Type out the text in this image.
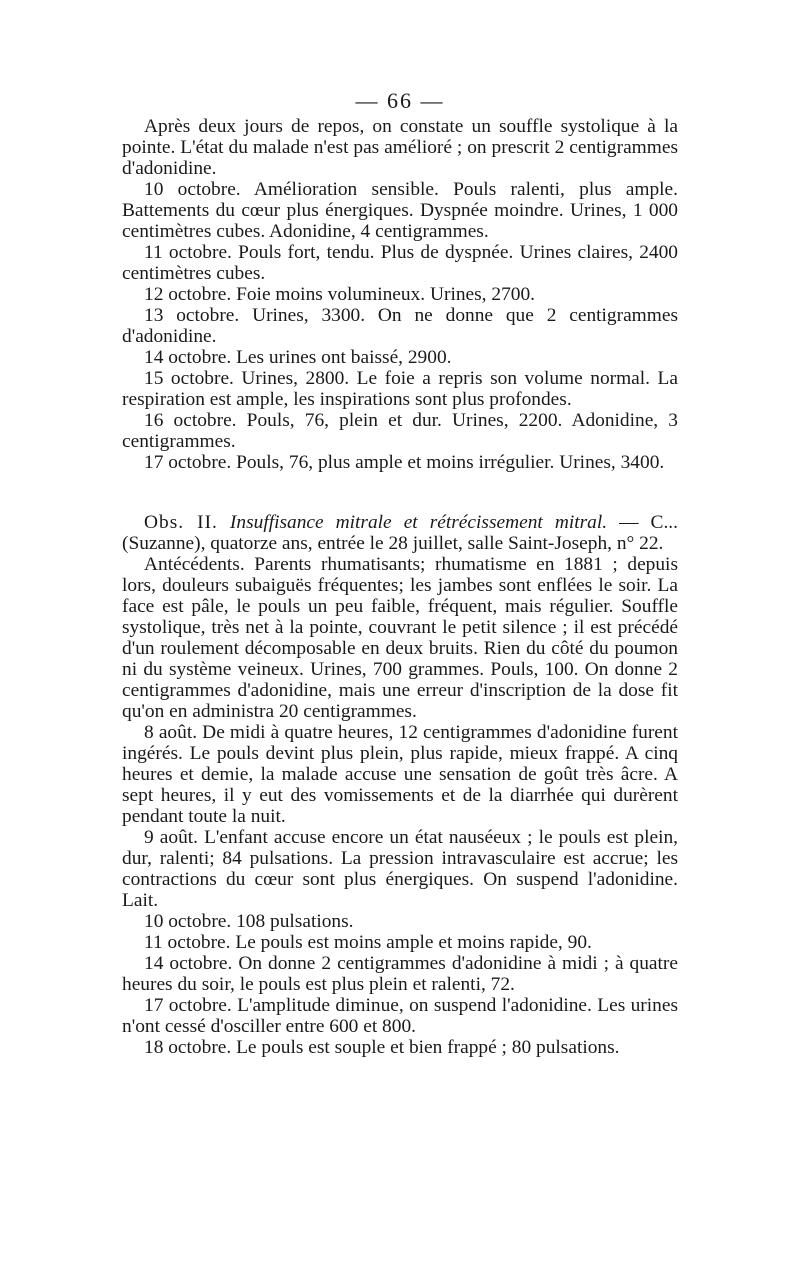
— 66 —

Après deux jours de repos, on constate un souffle systolique à la pointe. L'état du malade n'est pas amélioré ; on prescrit 2 centigrammes d'adonidine.

10 octobre. Amélioration sensible. Pouls ralenti, plus ample. Battements du cœur plus énergiques. Dyspnée moindre. Urines, 1 000 centimètres cubes. Adonidine, 4 centigrammes.

11 octobre. Pouls fort, tendu. Plus de dyspnée. Urines claires, 2400 centimètres cubes.

12 octobre. Foie moins volumineux. Urines, 2700.

13 octobre. Urines, 3300. On ne donne que 2 centigrammes d'adonidine.

14 octobre. Les urines ont baissé, 2900.

15 octobre. Urines, 2800. Le foie a repris son volume normal. La respiration est ample, les inspirations sont plus profondes.

16 octobre. Pouls, 76, plein et dur. Urines, 2200. Adonidine, 3 centigrammes.

17 octobre. Pouls, 76, plus ample et moins irrégulier. Urines, 3400.

Obs. II. Insuffisance mitrale et rétrécissement mitral. — C... (Suzanne), quatorze ans, entrée le 28 juillet, salle Saint-Joseph, n° 22.

Antécédents. Parents rhumatisants; rhumatisme en 1881 ; depuis lors, douleurs subaiguës fréquentes; les jambes sont enflées le soir. La face est pâle, le pouls un peu faible, fréquent, mais régulier. Souffle systolique, très net à la pointe, couvrant le petit silence ; il est précédé d'un roulement décomposable en deux bruits. Rien du côté du poumon ni du système veineux. Urines, 700 grammes. Pouls, 100. On donne 2 centigrammes d'adonidine, mais une erreur d'inscription de la dose fit qu'on en administra 20 centigrammes.

8 août. De midi à quatre heures, 12 centigrammes d'adonidine furent ingérés. Le pouls devint plus plein, plus rapide, mieux frappé. A cinq heures et demie, la malade accuse une sensation de goût très âcre. A sept heures, il y eut des vomissements et de la diarrhée qui durèrent pendant toute la nuit.

9 août. L'enfant accuse encore un état nauséeux ; le pouls est plein, dur, ralenti; 84 pulsations. La pression intravasculaire est accrue; les contractions du cœur sont plus énergiques. On suspend l'adonidine. Lait.

10 octobre. 108 pulsations.

11 octobre. Le pouls est moins ample et moins rapide, 90.

14 octobre. On donne 2 centigrammes d'adonidine à midi ; à quatre heures du soir, le pouls est plus plein et ralenti, 72.

17 octobre. L'amplitude diminue, on suspend l'adonidine. Les urines n'ont cessé d'osciller entre 600 et 800.

18 octobre. Le pouls est souple et bien frappé ; 80 pulsations.
